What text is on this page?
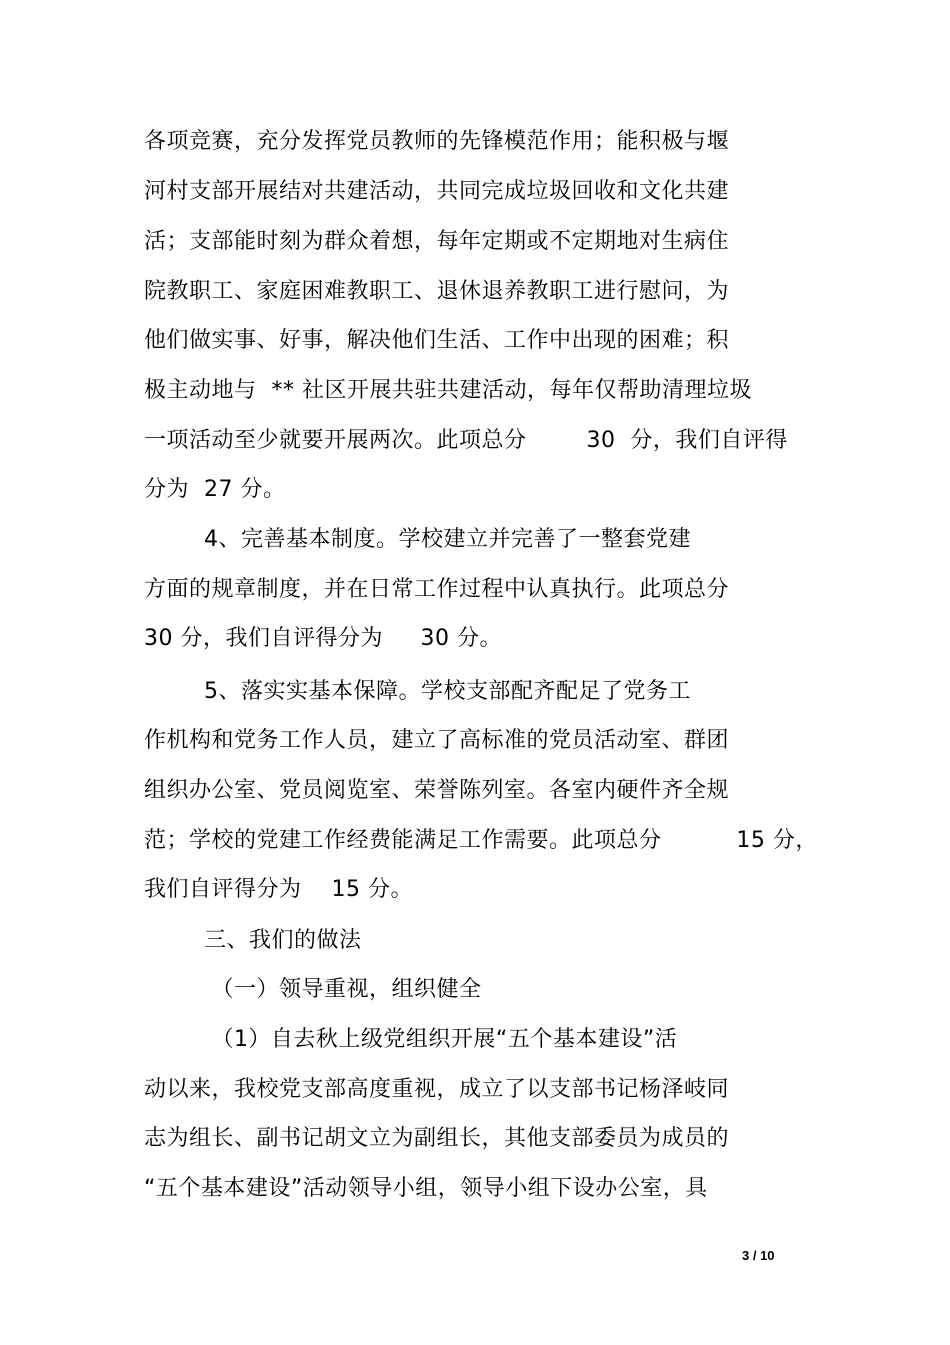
各项竞赛，充分发挥党员教师的先锋模范作用；能积极与堰
河村支部开展结对共建活动，共同完成垃圾回收和文化共建
活；支部能时刻为群众着想，每年定期或不定期地对生病住
院教职工、家庭困难教职工、退休退养教职工进行慰问，为
他们做实事、好事，解决他们生活、工作中出现的困难；积
极主动地与  ** 社区开展共驻共建活动，每年仅帮助清理垃圾
一项活动至少就要开展两次。此项总分        30  分，我们自评得
分为  27 分。
4、完善基本制度。学校建立并完善了一整套党建
方面的规章制度，并在日常工作过程中认真执行。此项总分
30 分，我们自评得分为     30 分。
5、落实实基本保障。学校支部配齐配足了党务工
作机构和党务工作人员，建立了高标准的党员活动室、群团
组织办公室、党员阅览室、荣誉陈列室。各室内硬件齐全规
范；学校的党建工作经费能满足工作需要。此项总分          15 分，
我们自评得分为    15 分。
三、我们的做法
（一）领导重视，组织健全
（1）自去秋上级党组织开展“五个基本建设”活
动以来，我校党支部高度重视，成立了以支部书记杨泽岐同
志为组长、副书记胡文立为副组长，其他支部委员为成员的
“五个基本建设”活动领导小组，领导小组下设办公室，具
3 / 10
